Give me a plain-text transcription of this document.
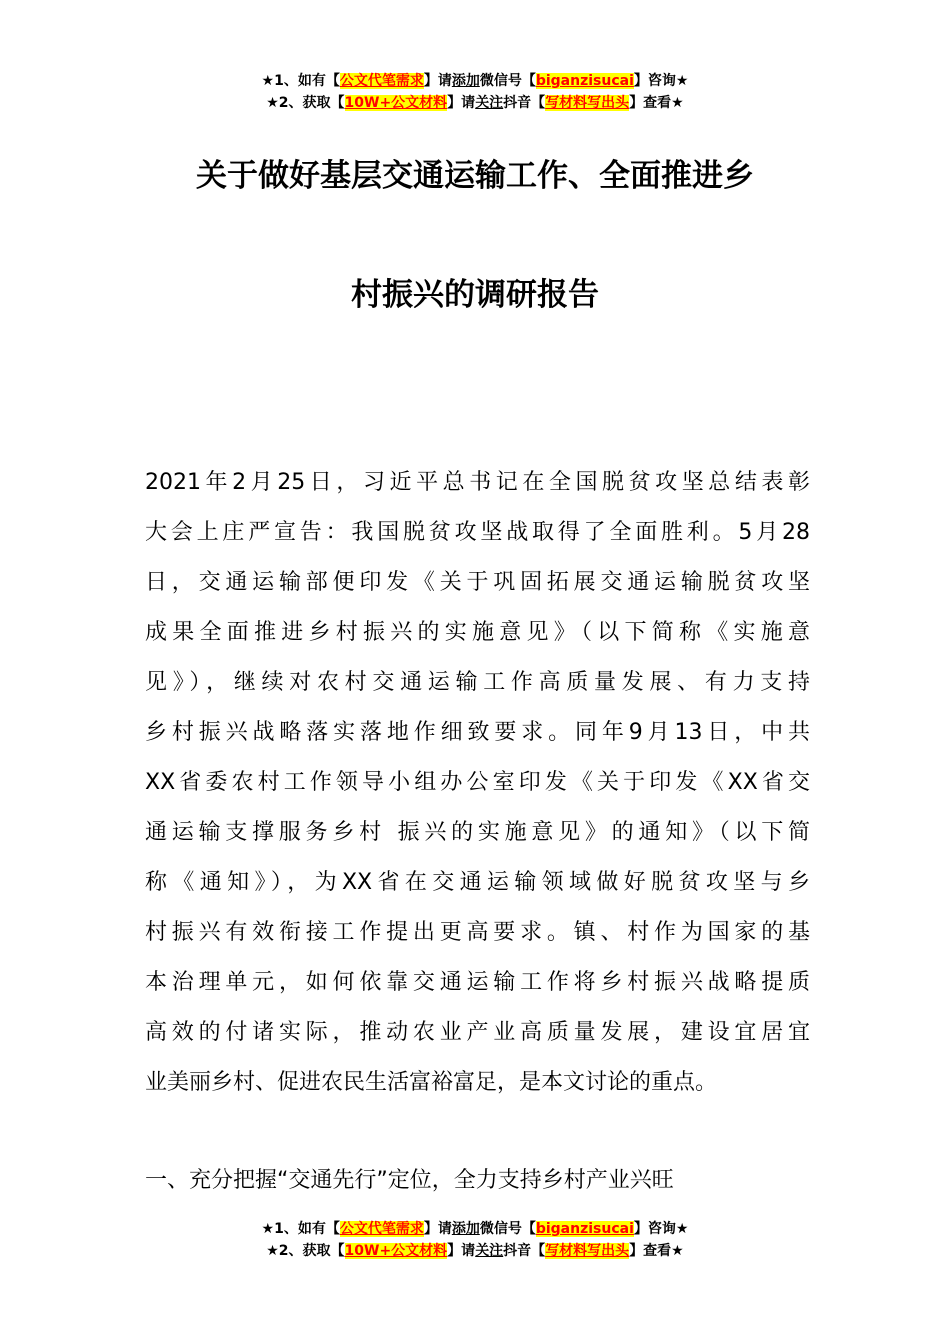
★1、如有【公文代笔需求】请添加微信号【biganzisucai】咨询★
★2、获取【10W+公文材料】请关注抖音【写材料写出头】查看★
关于做好基层交通运输工作、全面推进乡
村振兴的调研报告
2021年2月25日，习近平总书记在全国脱贫攻坚总结表彰
大会上庄严宣告：我国脱贫攻坚战取得了全面胜利。5月28
日，交通运输部便印发《关于巩固拓展交通运输脱贫攻坚
成果全面推进乡村振兴的实施意见》（以下简称《实施意
见》），继续对农村交通运输工作高质量发展、有力支持
乡村振兴战略落实落地作细致要求。同年9月13日，中共
XX省委农村工作领导小组办公室印发《关于印发《XX省交
通运输支撑服务乡村 振兴的实施意见》的通知》（以下简
称《通知》），为XX省在交通运输领域做好脱贫攻坚与乡
村振兴有效衔接工作提出更高要求。镇、村作为国家的基
本治理单元，如何依靠交通运输工作将乡村振兴战略提质
高效的付诸实际，推动农业产业高质量发展，建设宜居宜
业美丽乡村、促进农民生活富裕富足，是本文讨论的重点。
一、充分把握“交通先行”定位，全力支持乡村产业兴旺
★1、如有【公文代笔需求】请添加微信号【biganzisucai】咨询★
★2、获取【10W+公文材料】请关注抖音【写材料写出头】查看★
